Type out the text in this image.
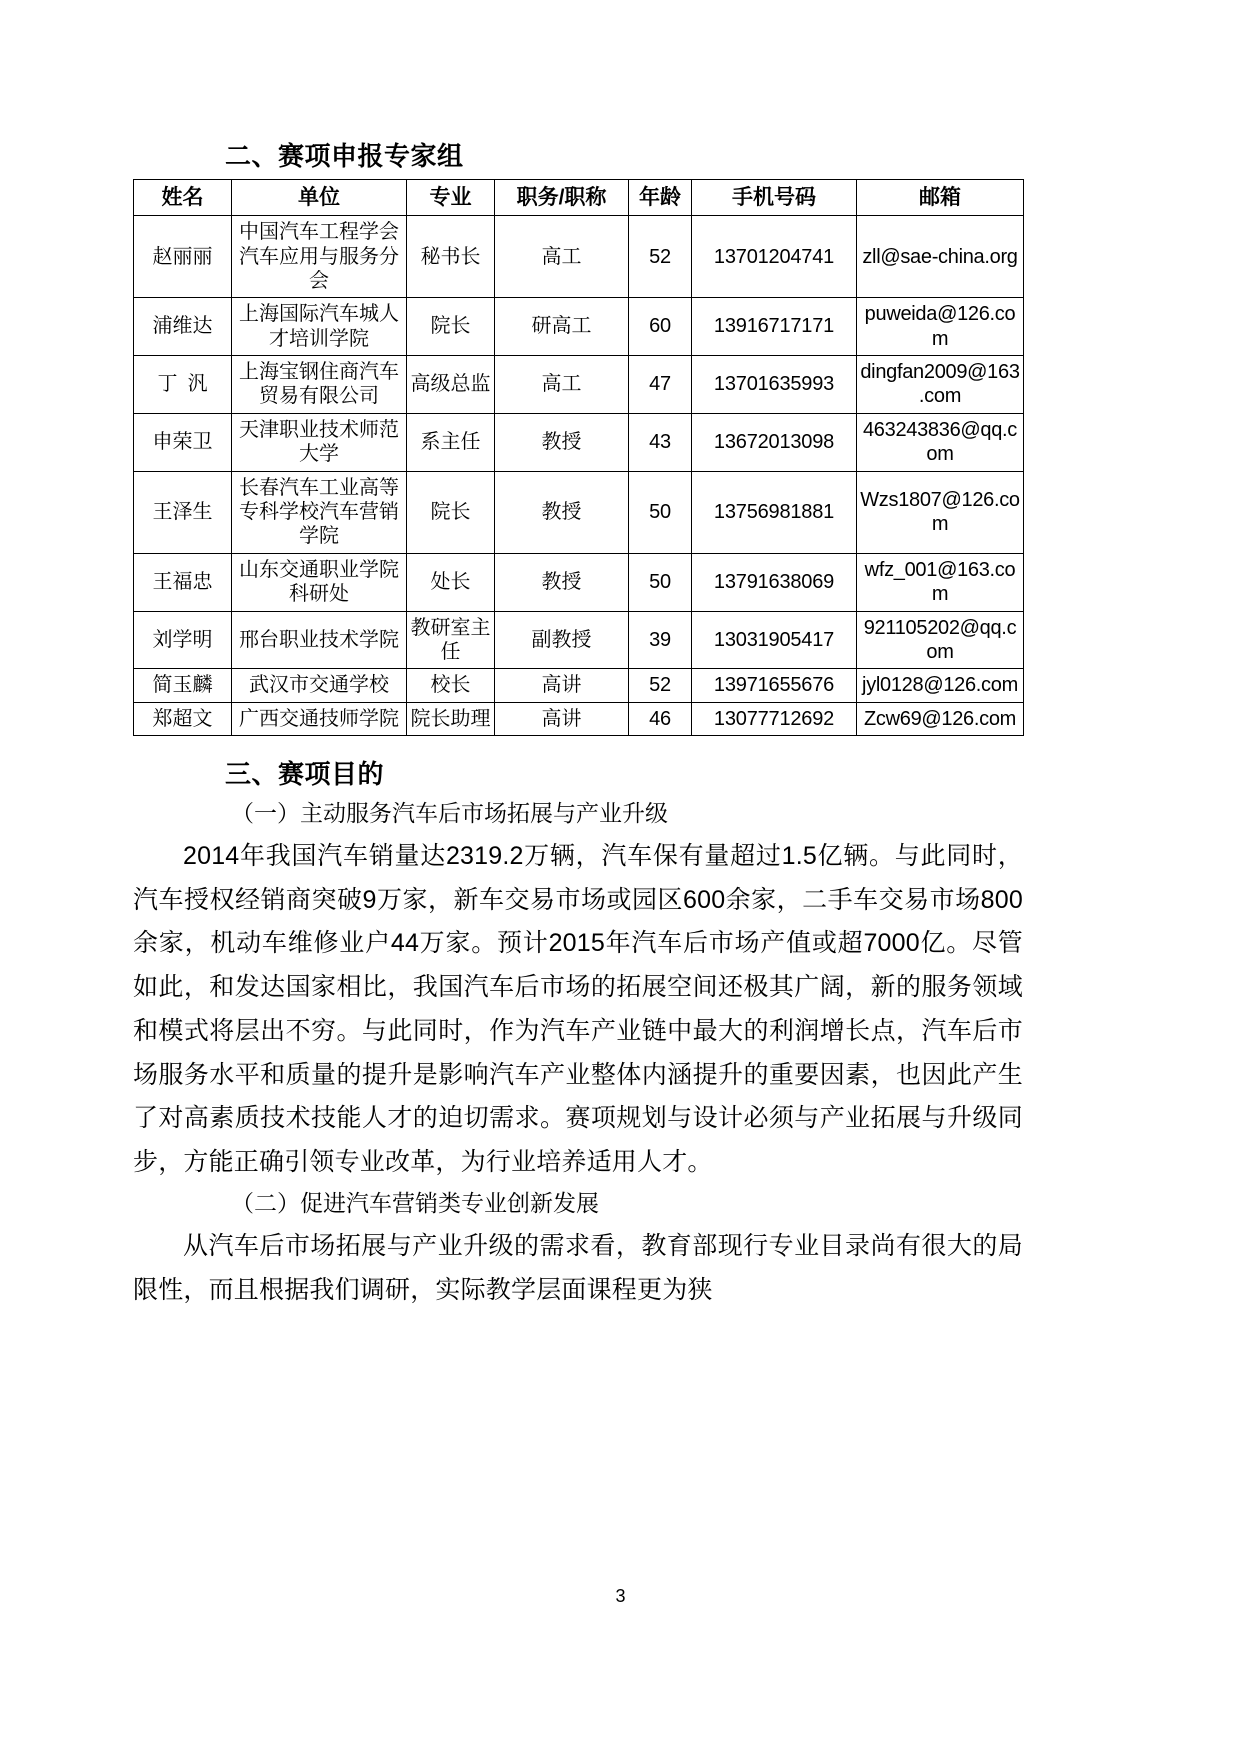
二、赛项申报专家组
姓名	单位	专业	职务/职称	年龄	手机号码	邮箱
赵丽丽	中国汽车工程学会汽车应用与服务分会	秘书长	高工	52	13701204741	zll@sae-china.org
浦维达	上海国际汽车城人才培训学院	院长	研高工	60	13916717171	puweida@126.com
丁汎	上海宝钢住商汽车贸易有限公司	高级总监	高工	47	13701635993	dingfan2009@163.com
申荣卫	天津职业技术师范大学	系主任	教授	43	13672013098	463243836@qq.com
王泽生	长春汽车工业高等专科学校汽车营销学院	院长	教授	50	13756981881	Wzs1807@126.com
王福忠	山东交通职业学院科研处	处长	教授	50	13791638069	wfz_001@163.com
刘学明	邢台职业技术学院	教研室主任	副教授	39	13031905417	921105202@qq.com
简玉麟	武汉市交通学校	校长	高讲	52	13971655676	jyl0128@126.com
郑超文	广西交通技师学院	院长助理	高讲	46	13077712692	Zcw69@126.com
三、赛项目的
（一）主动服务汽车后市场拓展与产业升级

2014年我国汽车销量达2319.2万辆，汽车保有量超过1.5亿辆。与此同时，汽车授权经销商突破9万家，新车交易市场或园区600余家，二手车交易市场800余家，机动车维修业户44万家。预计2015年汽车后市场产值或超7000亿。尽管如此，和发达国家相比，我国汽车后市场的拓展空间还极其广阔，新的服务领域和模式将层出不穷。与此同时，作为汽车产业链中最大的利润增长点，汽车后市场服务水平和质量的提升是影响汽车产业整体内涵提升的重要因素，也因此产生了对高素质技术技能人才的迫切需求。赛项规划与设计必须与产业拓展与升级同步，方能正确引领专业改革，为行业培养适用人才。

（二）促进汽车营销类专业创新发展

从汽车后市场拓展与产业升级的需求看，教育部现行专业目录尚有很大的局限性，而且根据我们调研，实际教学层面课程更为狭

3
